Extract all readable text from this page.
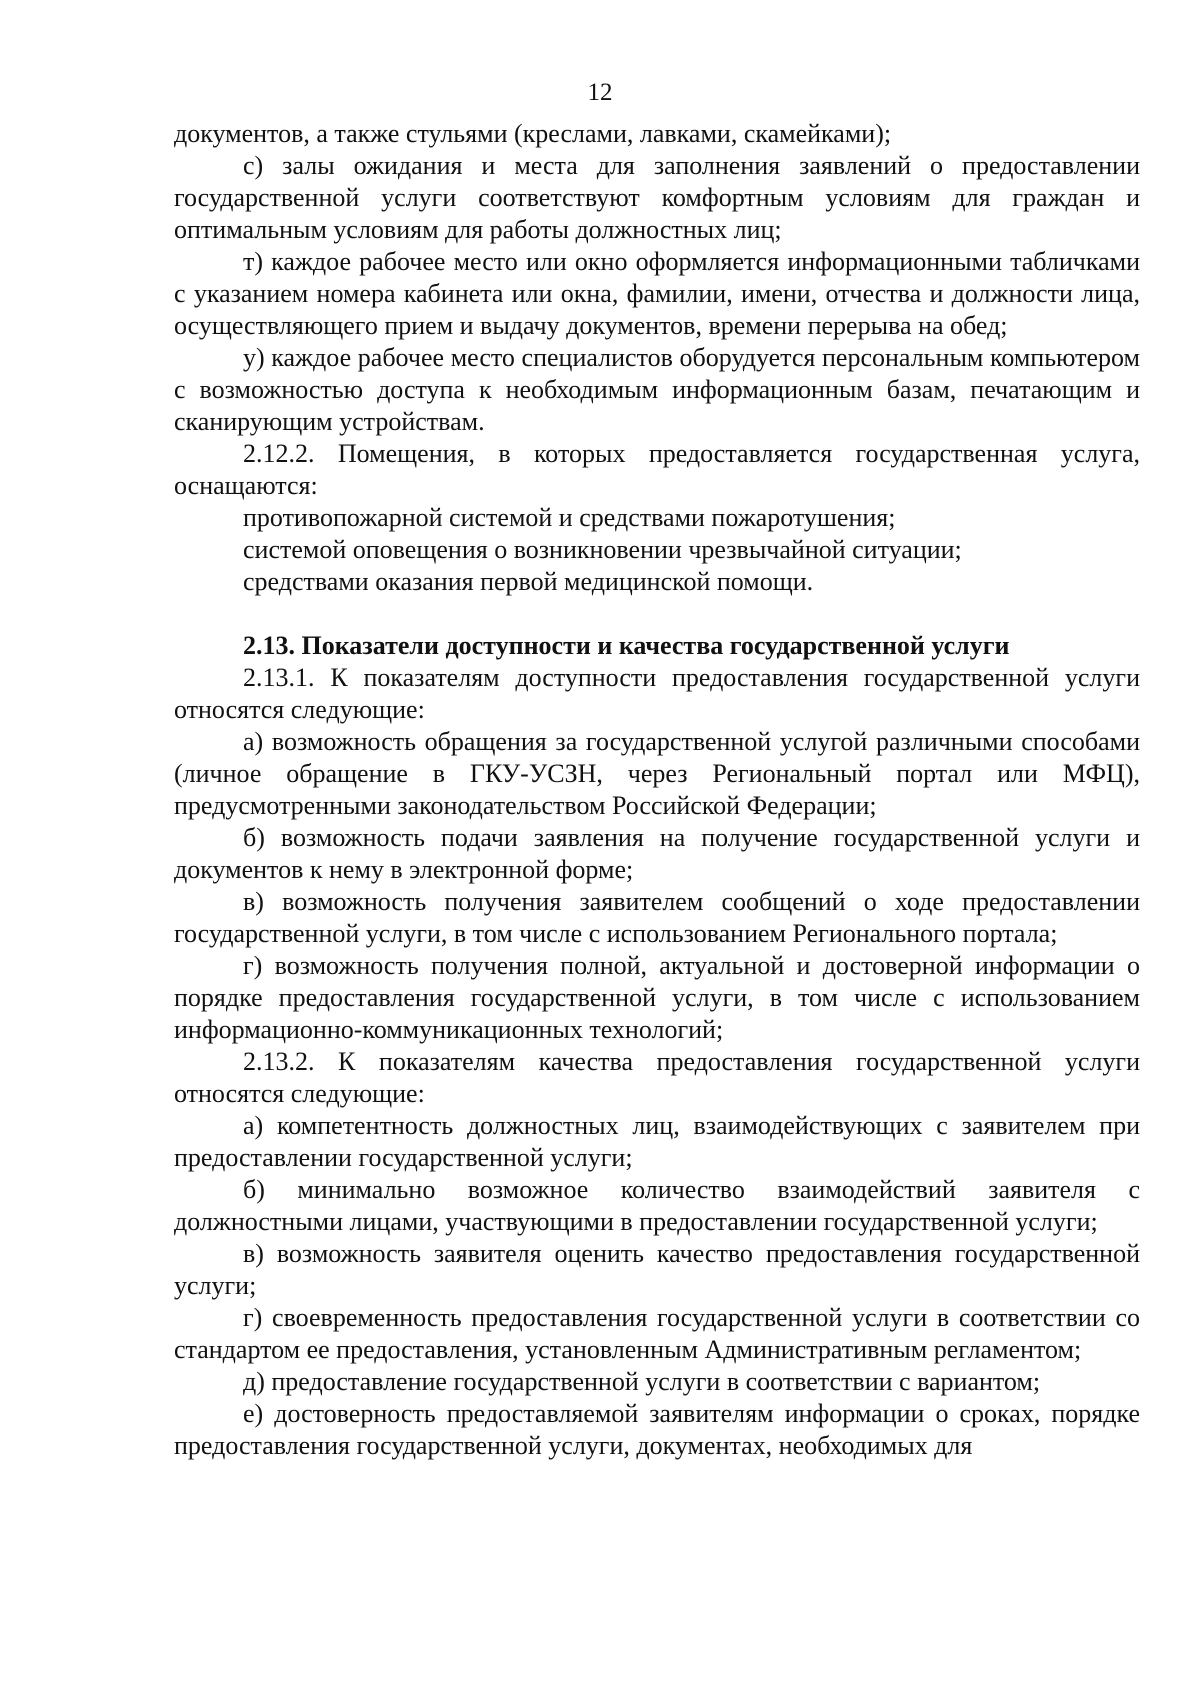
12

документов, а также стульями (креслами, лавками, скамейками);

с) залы ожидания и места для заполнения заявлений о предоставлении государственной услуги соответствуют комфортным условиям для граждан и оптимальным условиям для работы должностных лиц;

т) каждое рабочее место или окно оформляется информационными табличками с указанием номера кабинета или окна, фамилии, имени, отчества и должности лица, осуществляющего прием и выдачу документов, времени перерыва на обед;

у) каждое рабочее место специалистов оборудуется персональным компьютером с возможностью доступа к необходимым информационным базам, печатающим и сканирующим устройствам.

2.12.2. Помещения, в которых предоставляется государственная услуга, оснащаются:

противопожарной системой и средствами пожаротушения;

системой оповещения о возникновении чрезвычайной ситуации;

средствами оказания первой медицинской помощи.

2.13. Показатели доступности и качества государственной услуги

2.13.1. К показателям доступности предоставления государственной услуги относятся следующие:

а) возможность обращения за государственной услугой различными способами (личное обращение в ГКУ-УСЗН, через Региональный портал или МФЦ), предусмотренными законодательством Российской Федерации;

б) возможность подачи заявления на получение государственной услуги и документов к нему в электронной форме;

в) возможность получения заявителем сообщений о ходе предоставлении государственной услуги, в том числе с использованием Регионального портала;

г) возможность получения полной, актуальной и достоверной информации о порядке предоставления государственной услуги, в том числе с использованием информационно-коммуникационных технологий;

2.13.2. К показателям качества предоставления государственной услуги относятся следующие:

а) компетентность должностных лиц, взаимодействующих с заявителем при предоставлении государственной услуги;

б) минимально возможное количество взаимодействий заявителя с должностными лицами, участвующими в предоставлении государственной услуги;

в) возможность заявителя оценить качество предоставления государственной услуги;

г) своевременность предоставления государственной услуги в соответствии со стандартом ее предоставления, установленным Административным регламентом;

д) предоставление государственной услуги в соответствии с вариантом;

е) достоверность предоставляемой заявителям информации о сроках, порядке предоставления государственной услуги, документах, необходимых для
